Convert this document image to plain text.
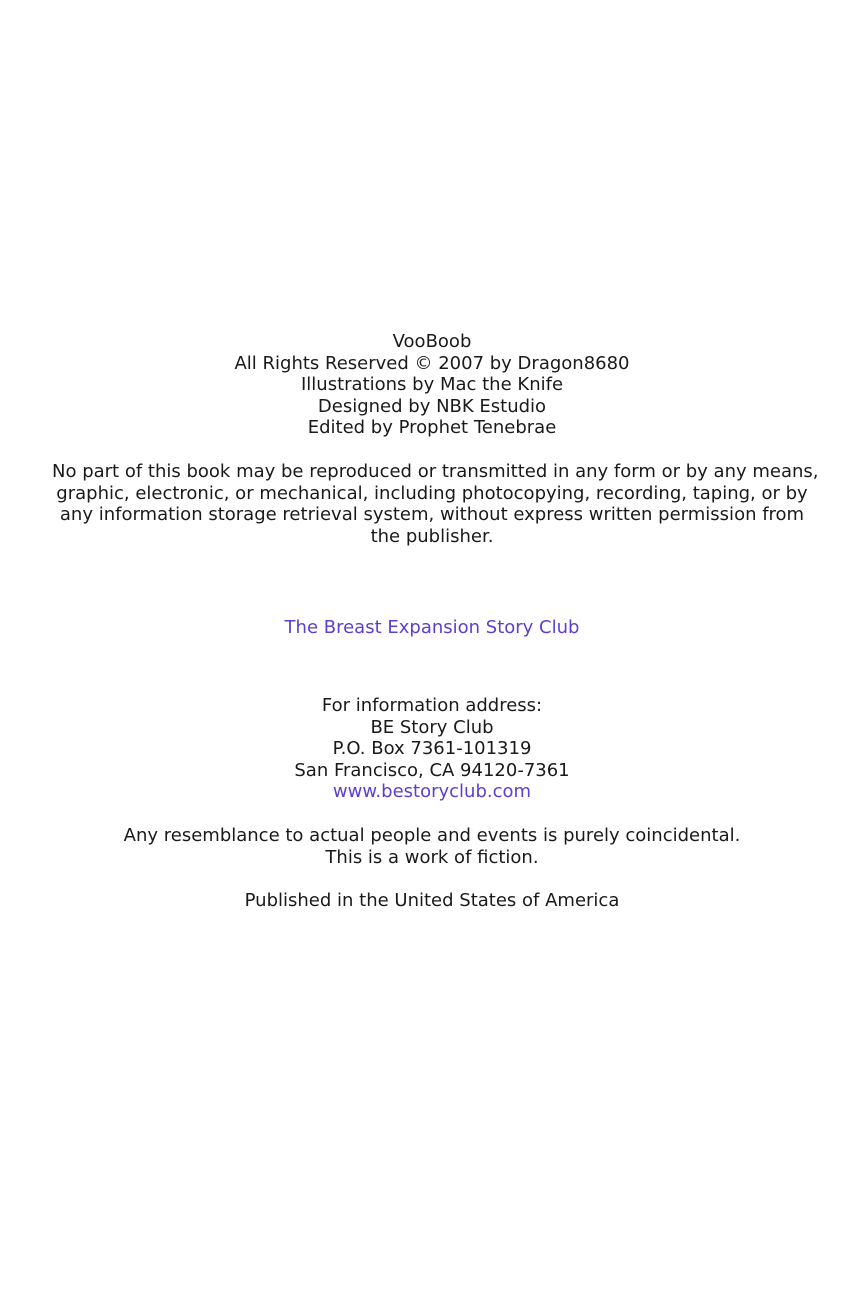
VooBoob
All Rights Reserved © 2007 by Dragon8680
Illustrations by Mac the Knife
Designed by NBK Estudio
Edited by Prophet Tenebrae
No part of this book may be reproduced or transmitted in any form or by any means,
graphic, electronic, or mechanical, including photocopying, recording, taping, or by
any information storage retrieval system, without express written permission from
the publisher.
The Breast Expansion Story Club
For information address:
BE Story Club
P.O. Box 7361-101319
San Francisco, CA 94120-7361
www.bestoryclub.com
Any resemblance to actual people and events is purely coincidental.
This is a work of fiction.
Published in the United States of America
